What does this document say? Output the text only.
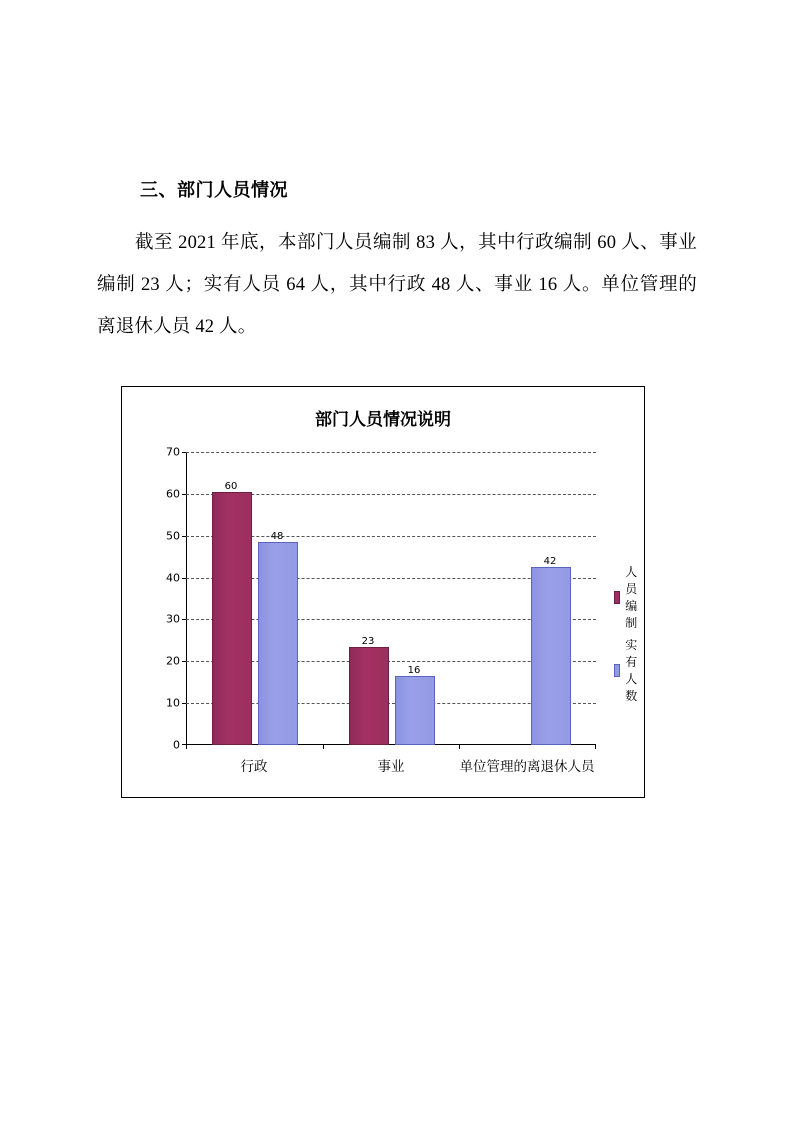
三、部门人员情况
截至 2021 年底，本部门人员编制 83 人，其中行政编制 60 人、事业编制 23 人；实有人员 64 人，其中行政 48 人、事业 16 人。单位管理的离退休人员 42 人。
部门人员情况说明
70
60
50
40
30
20
10
0
60
48
23
16
42
行政	事业	单位管理的离退休人员
人员编制
实有人数
